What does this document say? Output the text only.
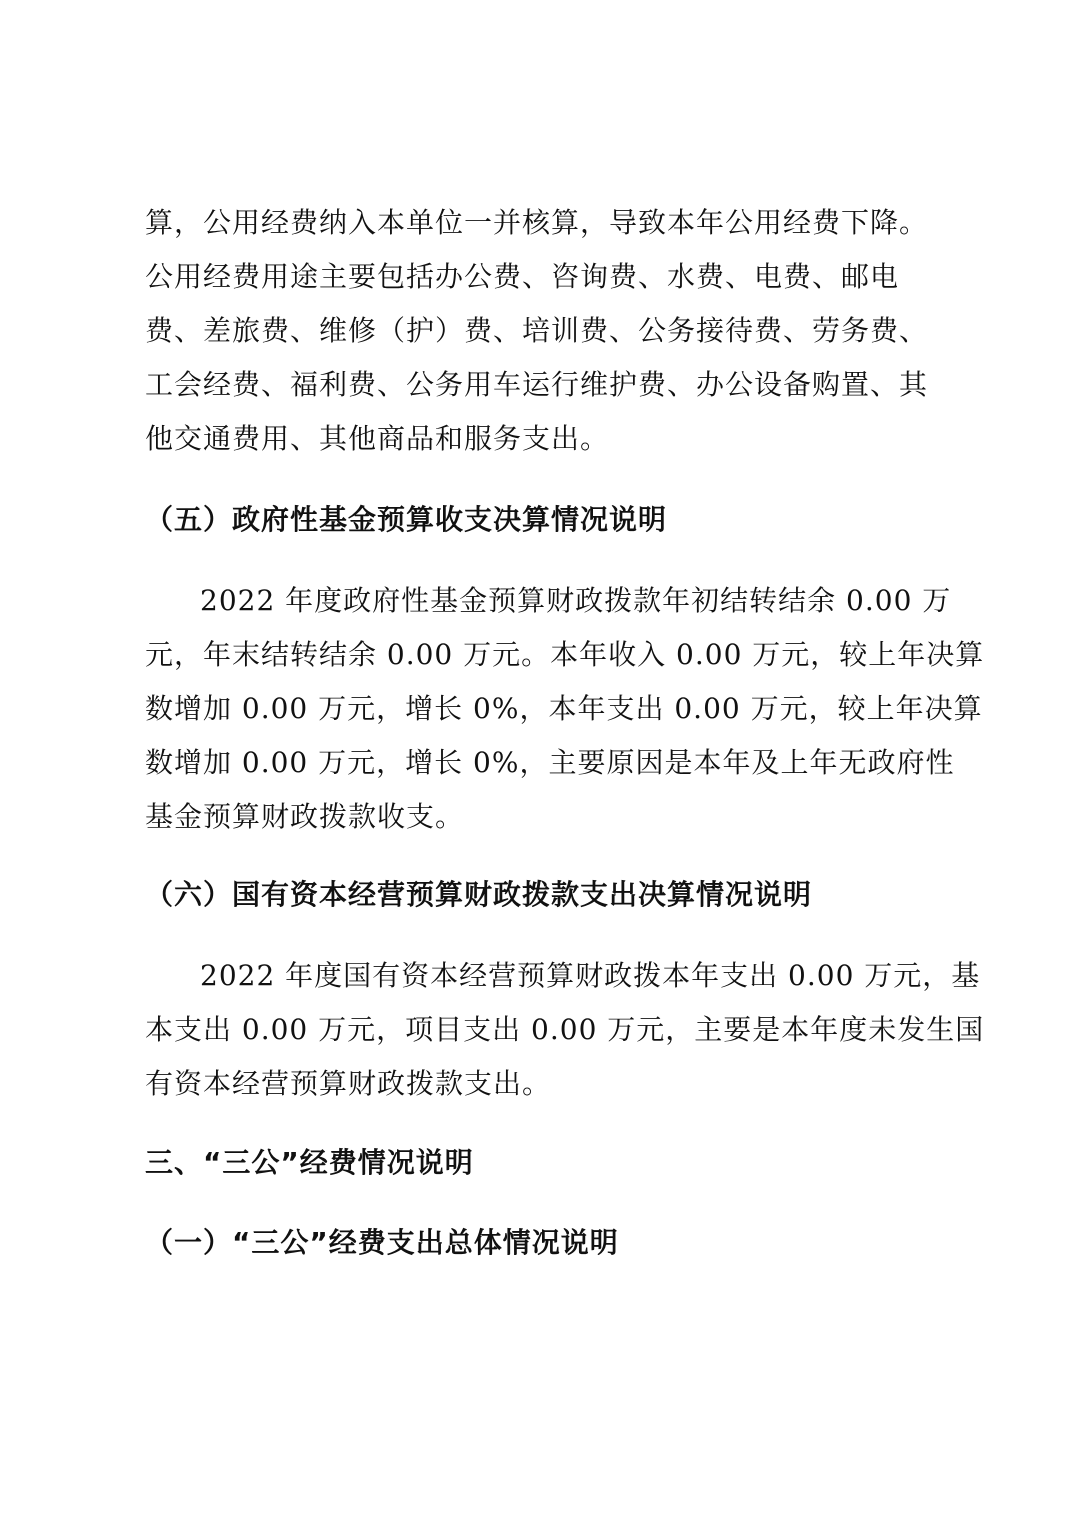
算，公用经费纳入本单位一并核算，导致本年公用经费下降。
公用经费用途主要包括办公费、咨询费、水费、电费、邮电
费、差旅费、维修（护）费、培训费、公务接待费、劳务费、
工会经费、福利费、公务用车运行维护费、办公设备购置、其
他交通费用、其他商品和服务支出。
（五）政府性基金预算收支决算情况说明
2022 年度政府性基金预算财政拨款年初结转结余 0.00 万
元，年末结转结余 0.00 万元。本年收入 0.00 万元，较上年决算
数增加 0.00 万元，增长 0%，本年支出 0.00 万元，较上年决算
数增加 0.00 万元，增长 0%，主要原因是本年及上年无政府性
基金预算财政拨款收支。
（六）国有资本经营预算财政拨款支出决算情况说明
2022 年度国有资本经营预算财政拨本年支出 0.00 万元，基
本支出 0.00 万元，项目支出 0.00 万元，主要是本年度未发生国
有资本经营预算财政拨款支出。
三、“三公”经费情况说明
（一）“三公”经费支出总体情况说明
